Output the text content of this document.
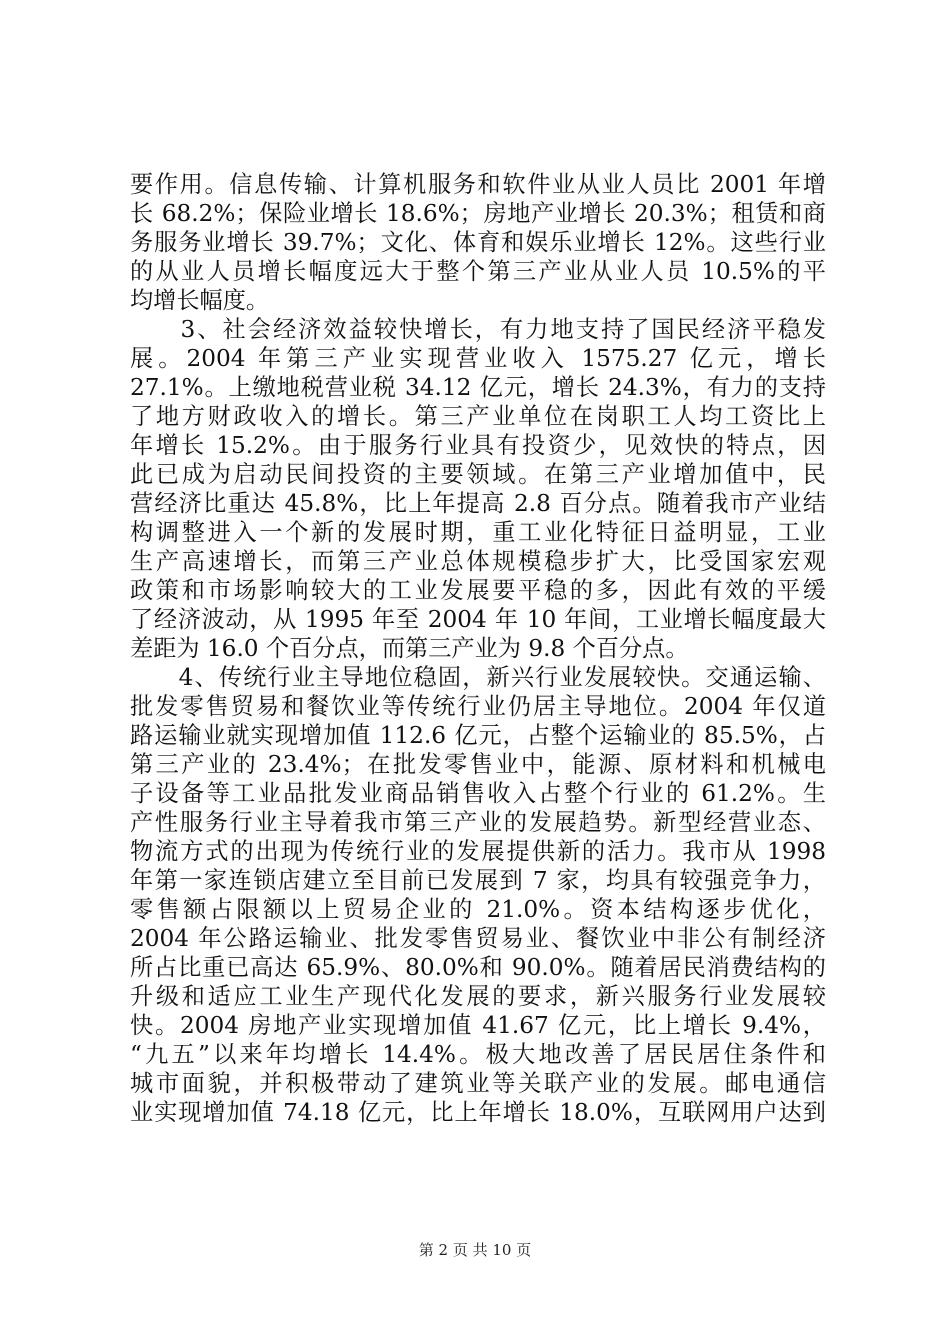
要作用。信息传输、计算机服务和软件业从业人员比 2001 年增
长 68.2%；保险业增长 18.6%；房地产业增长 20.3%；租赁和商
务服务业增长 39.7%；文化、体育和娱乐业增长 12%。这些行业
的从业人员增长幅度远大于整个第三产业从业人员 10.5%的平
均增长幅度。
　　3、社会经济效益较快增长，有力地支持了国民经济平稳发
展。2004 年第三产业实现营业收入 1575.27 亿元，增长
27.1%。上缴地税营业税 34.12 亿元，增长 24.3%，有力的支持
了地方财政收入的增长。第三产业单位在岗职工人均工资比上
年增长 15.2%。由于服务行业具有投资少，见效快的特点，因
此已成为启动民间投资的主要领域。在第三产业增加值中，民
营经济比重达 45.8%，比上年提高 2.8 百分点。随着我市产业结
构调整进入一个新的发展时期，重工业化特征日益明显，工业
生产高速增长，而第三产业总体规模稳步扩大，比受国家宏观
政策和市场影响较大的工业发展要平稳的多，因此有效的平缓
了经济波动，从 1995 年至 2004 年 10 年间，工业增长幅度最大
差距为 16.0 个百分点，而第三产业为 9.8 个百分点。
　　4、传统行业主导地位稳固，新兴行业发展较快。交通运输、
批发零售贸易和餐饮业等传统行业仍居主导地位。2004 年仅道
路运输业就实现增加值 112.6 亿元，占整个运输业的 85.5%，占
第三产业的 23.4%；在批发零售业中，能源、原材料和机械电
子设备等工业品批发业商品销售收入占整个行业的 61.2%。生
产性服务行业主导着我市第三产业的发展趋势。新型经营业态、
物流方式的出现为传统行业的发展提供新的活力。我市从 1998
年第一家连锁店建立至目前已发展到 7 家，均具有较强竞争力，
零售额占限额以上贸易企业的 21.0%。资本结构逐步优化，
2004 年公路运输业、批发零售贸易业、餐饮业中非公有制经济
所占比重已高达 65.9%、80.0%和 90.0%。随着居民消费结构的
升级和适应工业生产现代化发展的要求，新兴服务行业发展较
快。2004 房地产业实现增加值 41.67 亿元，比上增长 9.4%，
“九五”以来年均增长 14.4%。极大地改善了居民居住条件和
城市面貌，并积极带动了建筑业等关联产业的发展。邮电通信
业实现增加值 74.18 亿元，比上年增长 18.0%，互联网用户达到
第 2 页 共 10 页
